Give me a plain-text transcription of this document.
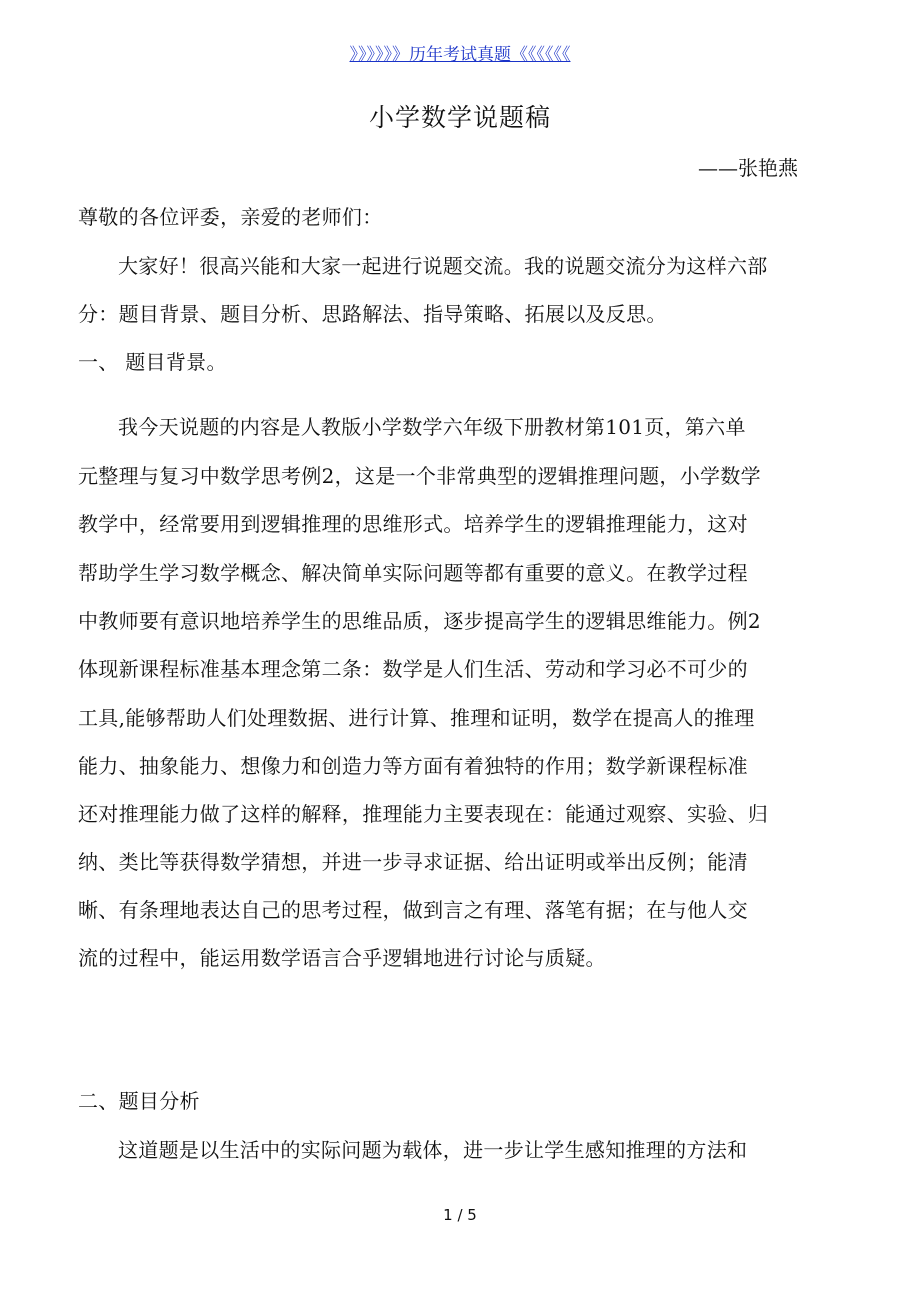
》》》》》》历年考试真题《《《《《《
小学数学说题稿
——张艳燕
尊敬的各位评委，亲爱的老师们：
大家好！很高兴能和大家一起进行说题交流。我的说题交流分为这样六部
分：题目背景、题目分析、思路解法、指导策略、拓展以及反思。
一、 题目背景。
我今天说题的内容是人教版小学数学六年级下册教材第101页，第六单
元整理与复习中数学思考例2，这是一个非常典型的逻辑推理问题，小学数学
教学中，经常要用到逻辑推理的思维形式。培养学生的逻辑推理能力，这对
帮助学生学习数学概念、解决简单实际问题等都有重要的意义。在教学过程
中教师要有意识地培养学生的思维品质，逐步提高学生的逻辑思维能力。例2
体现新课程标准基本理念第二条：数学是人们生活、劳动和学习必不可少的
工具,能够帮助人们处理数据、进行计算、推理和证明，数学在提高人的推理
能力、抽象能力、想像力和创造力等方面有着独特的作用；数学新课程标准
还对推理能力做了这样的解释，推理能力主要表现在：能通过观察、实验、归
纳、类比等获得数学猜想，并进一步寻求证据、给出证明或举出反例；能清
晰、有条理地表达自己的思考过程，做到言之有理、落笔有据；在与他人交
流的过程中，能运用数学语言合乎逻辑地进行讨论与质疑。
二、题目分析
这道题是以生活中的实际问题为载体，进一步让学生感知推理的方法和
1 / 5
